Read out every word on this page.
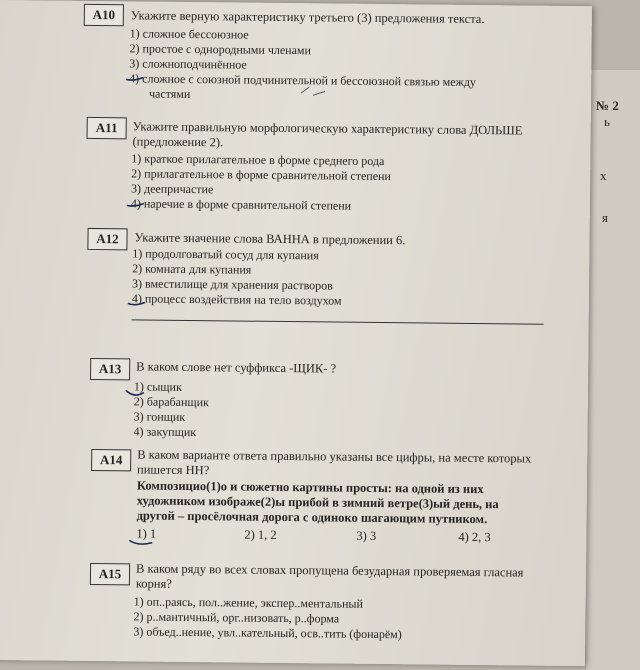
№ 2
ь
х
я
A10	Укажите верную характеристику третьего (3) предложения текста.
1) сложное бессоюзное
2) простое с однородными членами
3) сложноподчинённое
4) сложное с союзной подчинительной и бессоюзной связью между
частями
A11	Укажите правильную морфологическую характеристику слова ДОЛЬШЕ
(предложение 2).
1) краткое прилагательное в форме среднего рода
2) прилагательное в форме сравнительной степени
3) деепричастие
4) наречие в форме сравнительной степени
A12	Укажите значение слова ВАННА в предложении 6.
1) продолговатый сосуд для купания
2) комната для купания
3) вместилище для хранения растворов
4) процесс воздействия на тело воздухом
A13	В каком слове нет суффикса -ЩИК- ?
1) сыщик
2) барабанщик
3) гонщик
4) закупщик
A14	В каком варианте ответа правильно указаны все цифры, на месте которых
пишется НН?
Композицио(1)о и сюжетно картины просты: на одной из них
художником изображе(2)ы прибой в зимний ветре(3)ый день, на
другой – просёлочная дорога с одиноко шагающим путником.
1) 1	2) 1, 2	3) 3	4) 2, 3
A15	В каком ряду во всех словах пропущена безударная проверяемая гласная
корня?
1) оп..раясь, пол..жение, экспер..ментальный
2) р..мантичный, орг..низовать, р..форма
3) объед..нение, увл..кательный, осв..тить (фонарём)
